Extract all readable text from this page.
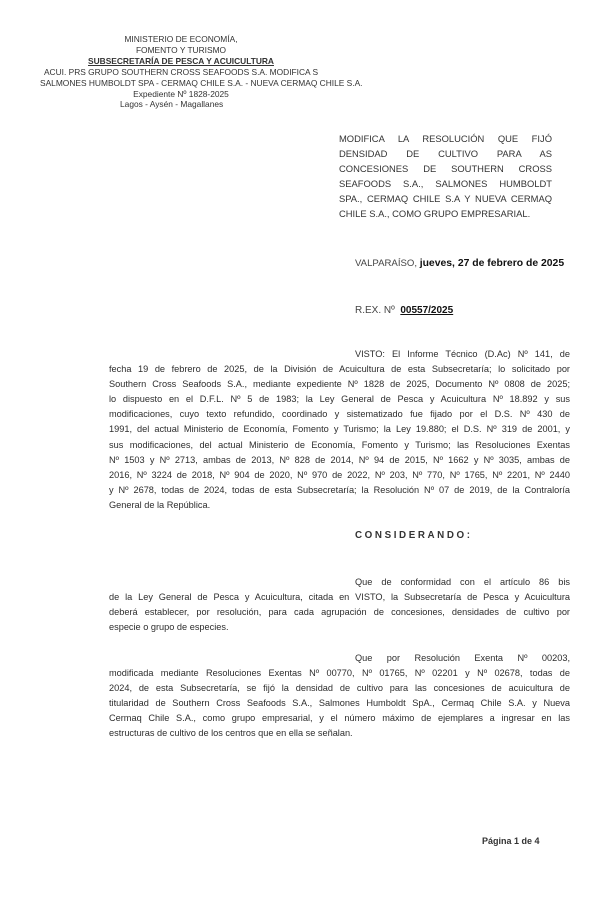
MINISTERIO DE ECONOMÍA,
FOMENTO Y TURISMO
SUBSECRETARÍA DE PESCA Y ACUICULTURA
ACUI. PRS GRUPO SOUTHERN CROSS SEAFOODS S.A. MODIFICA S
SALMONES HUMBOLDT SPA - CERMAQ CHILE S.A. - NUEVA CERMAQ CHILE S.A.
Expediente Nº 1828-2025
Lagos - Aysén - Magallanes
MODIFICA LA RESOLUCIÓN QUE FIJÓ
DENSIDAD DE CULTIVO PARA AS
CONCESIONES DE SOUTHERN CROSS
SEAFOODS S.A., SALMONES HUMBOLDT
SPA., CERMAQ CHILE S.A Y NUEVA CERMAQ
CHILE S.A., COMO GRUPO EMPRESARIAL.
VALPARAÍSO, jueves, 27 de febrero de 2025
R.EX. Nº 00557/2025
VISTO: El Informe Técnico (D.Ac) Nº 141, de
fecha 19 de febrero de 2025, de la División de Acuicultura de esta Subsecretaría; lo solicitado por
Southern Cross Seafoods S.A., mediante expediente Nº 1828 de 2025, Documento Nº 0808 de 2025;
lo dispuesto en el D.F.L. Nº 5 de 1983; la Ley General de Pesca y Acuicultura Nº 18.892 y sus
modificaciones, cuyo texto refundido, coordinado y sistematizado fue fijado por el D.S. Nº 430 de
1991, del actual Ministerio de Economía, Fomento y Turismo; la Ley 19.880; el D.S. Nº 319 de 2001, y
sus modificaciones, del actual Ministerio de Economía, Fomento y Turismo; las Resoluciones Exentas
Nº 1503 y Nº 2713, ambas de 2013, Nº 828 de 2014, Nº 94 de 2015, Nº 1662 y Nº 3035, ambas de
2016, Nº 3224 de 2018, Nº 904 de 2020, Nº 970 de 2022, Nº 203, Nº 770, Nº 1765, Nº 2201, Nº 2440
y Nº 2678, todas de 2024, todas de esta Subsecretaría; la Resolución Nº 07 de 2019, de la Contraloría
General de la República.
CONSIDERANDO:
Que de conformidad con el artículo 86 bis
de la Ley General de Pesca y Acuicultura, citada en VISTO, la Subsecretaría de Pesca y Acuicultura
deberá establecer, por resolución, para cada agrupación de concesiones, densidades de cultivo por
especie o grupo de especies.
Que por Resolución Exenta Nº 00203,
modificada mediante Resoluciones Exentas Nº 00770, Nº 01765, Nº 02201 y Nº 02678, todas de
2024, de esta Subsecretaría, se fijó la densidad de cultivo para las concesiones de acuicultura de
titularidad de Southern Cross Seafoods S.A., Salmones Humboldt SpA., Cermaq Chile S.A. y Nueva
Cermaq Chile S.A., como grupo empresarial, y el número máximo de ejemplares a ingresar en las
estructuras de cultivo de los centros que en ella se señalan.
Página 1 de 4
